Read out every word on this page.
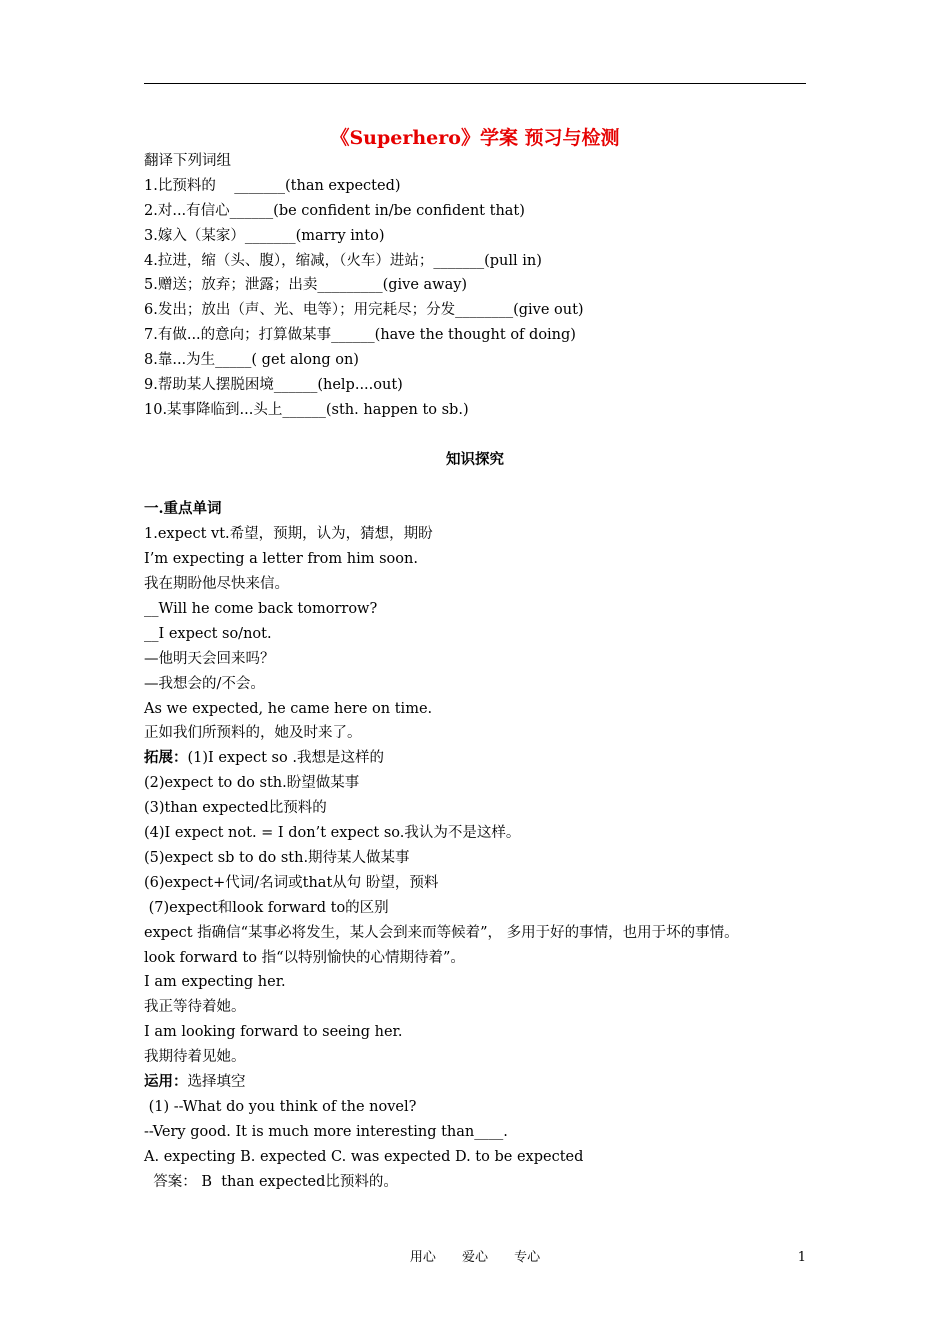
《Superhero》学案 预习与检测
翻译下列词组
1.比预料的    _______(than expected)
2.对...有信心______(be confident in/be confident that)
3.嫁入（某家）_______(marry into)
4.拉进，缩（头、腹），缩减，（火车）进站；_______(pull in)
5.赠送；放弃；泄露；出卖_________(give away)
6.发出；放出（声、光、电等）；用完耗尽；分发________(give out)
7.有做...的意向；打算做某事______(have the thought of doing)
8.靠...为生_____( get along on)
9.帮助某人摆脱困境______(help....out)
10.某事降临到...头上______(sth. happen to sb.)
知识探究
一.重点单词
1.expect vt.希望，预期，认为，猜想，期盼
I’m expecting a letter from him soon.
我在期盼他尽快来信。
__Will he come back tomorrow?
__I expect so/not.
—他明天会回来吗？
—我想会的/不会。
As we expected, he came here on time.
正如我们所预料的，她及时来了。
拓展：(1)I expect so .我想是这样的
(2)expect to do sth.盼望做某事
(3)than expected比预料的
(4)I expect not. = I don’t expect so.我认为不是这样。
(5)expect sb to do sth.期待某人做某事
(6)expect+代词/名词或that从句 盼望，预料
(7)expect和look forward to的区别
expect 指确信“某事必将发生，某人会到来而等候着”， 多用于好的事情，也用于坏的事情。
look forward to 指“以特别愉快的心情期待着”。
I am expecting her.
我正等待着她。
I am looking forward to seeing her.
我期待着见她。
运用：选择填空
(1) --What do you think of the novel?
--Very good. It is much more interesting than____.
A. expecting B. expected C. was expected D. to be expected
答案： B  than expected比预料的。
用心 爱心 专心	1
